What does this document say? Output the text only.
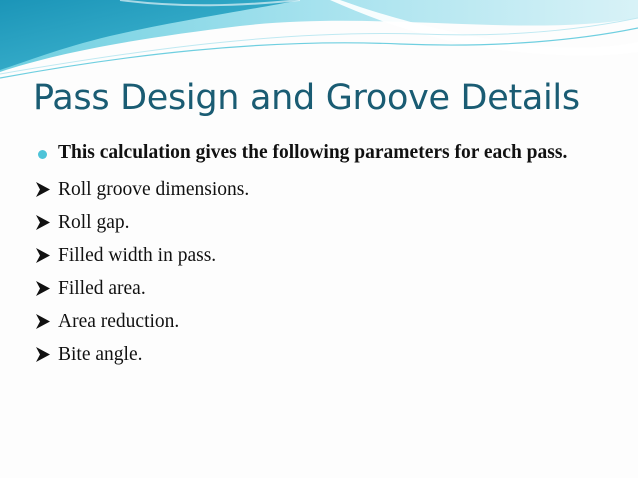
Pass Design and Groove Details
This calculation gives the following parameters for each pass.
Roll groove dimensions.
Roll gap.
Filled width in pass.
Filled area.
Area reduction.
Bite angle.
